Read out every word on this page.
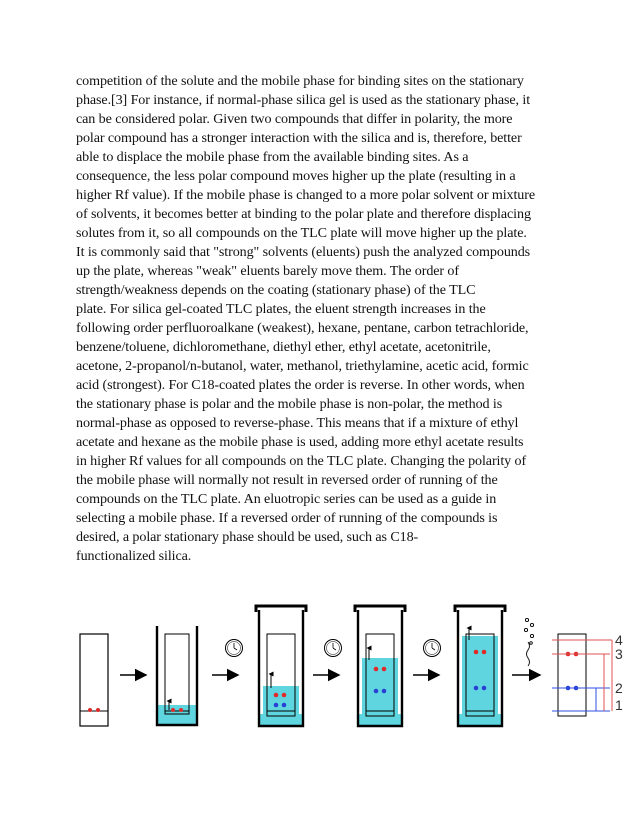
competition of the solute and the mobile phase for binding sites on the stationary
phase.[3] For instance, if normal-phase silica gel is used as the stationary phase, it
can be considered polar. Given two compounds that differ in polarity, the more
polar compound has a stronger interaction with the silica and is, therefore, better
able to displace the mobile phase from the available binding sites. As a
consequence, the less polar compound moves higher up the plate (resulting in a
higher Rf value). If the mobile phase is changed to a more polar solvent or mixture
of solvents, it becomes better at binding to the polar plate and therefore displacing
solutes from it, so all compounds on the TLC plate will move higher up the plate.
It is commonly said that "strong" solvents (eluents) push the analyzed compounds
up the plate, whereas "weak" eluents barely move them. The order of
strength/weakness depends on the coating (stationary phase) of the TLC
plate. For silica gel-coated TLC plates, the eluent strength increases in the
following order perfluoroalkane (weakest), hexane, pentane, carbon tetrachloride,
benzene/toluene, dichloromethane, diethyl ether, ethyl acetate, acetonitrile,
acetone, 2-propanol/n-butanol, water, methanol, triethylamine, acetic acid, formic
acid (strongest). For C18-coated plates the order is reverse. In other words, when
the stationary phase is polar and the mobile phase is non-polar, the method is
normal-phase as opposed to reverse-phase. This means that if a mixture of ethyl
acetate and hexane as the mobile phase is used, adding more ethyl acetate results
in higher Rf values for all compounds on the TLC plate. Changing the polarity of
the mobile phase will normally not result in reversed order of running of the
compounds on the TLC plate. An eluotropic series can be used as a guide in
selecting a mobile phase. If a reversed order of running of the compounds is
desired, a polar stationary phase should be used, such as C18-
functionalized silica.
4
3
2
1
